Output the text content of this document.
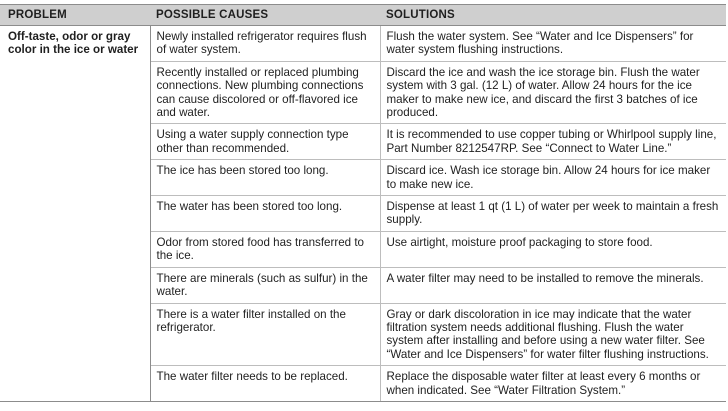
PROBLEM	POSSIBLE CAUSES	SOLUTIONS
Off-taste, odor or gray color in the ice or water	Newly installed refrigerator requires flush of water system.	Flush the water system. See “Water and Ice Dispensers” for water system flushing instructions.
	Recently installed or replaced plumbing connections. New plumbing connections can cause discolored or off-flavored ice and water.	Discard the ice and wash the ice storage bin. Flush the water system with 3 gal. (12 L) of water. Allow 24 hours for the ice maker to make new ice, and discard the first 3 batches of ice produced.
	Using a water supply connection type other than recommended.	It is recommended to use copper tubing or Whirlpool supply line, Part Number 8212547RP. See “Connect to Water Line.”
	The ice has been stored too long.	Discard ice. Wash ice storage bin. Allow 24 hours for ice maker to make new ice.
	The water has been stored too long.	Dispense at least 1 qt (1 L) of water per week to maintain a fresh supply.
	Odor from stored food has transferred to the ice.	Use airtight, moisture proof packaging to store food.
	There are minerals (such as sulfur) in the water.	A water filter may need to be installed to remove the minerals.
	There is a water filter installed on the refrigerator.	Gray or dark discoloration in ice may indicate that the water filtration system needs additional flushing. Flush the water system after installing and before using a new water filter. See “Water and Ice Dispensers” for water filter flushing instructions.
	The water filter needs to be replaced.	Replace the disposable water filter at least every 6 months or when indicated. See “Water Filtration System.”
